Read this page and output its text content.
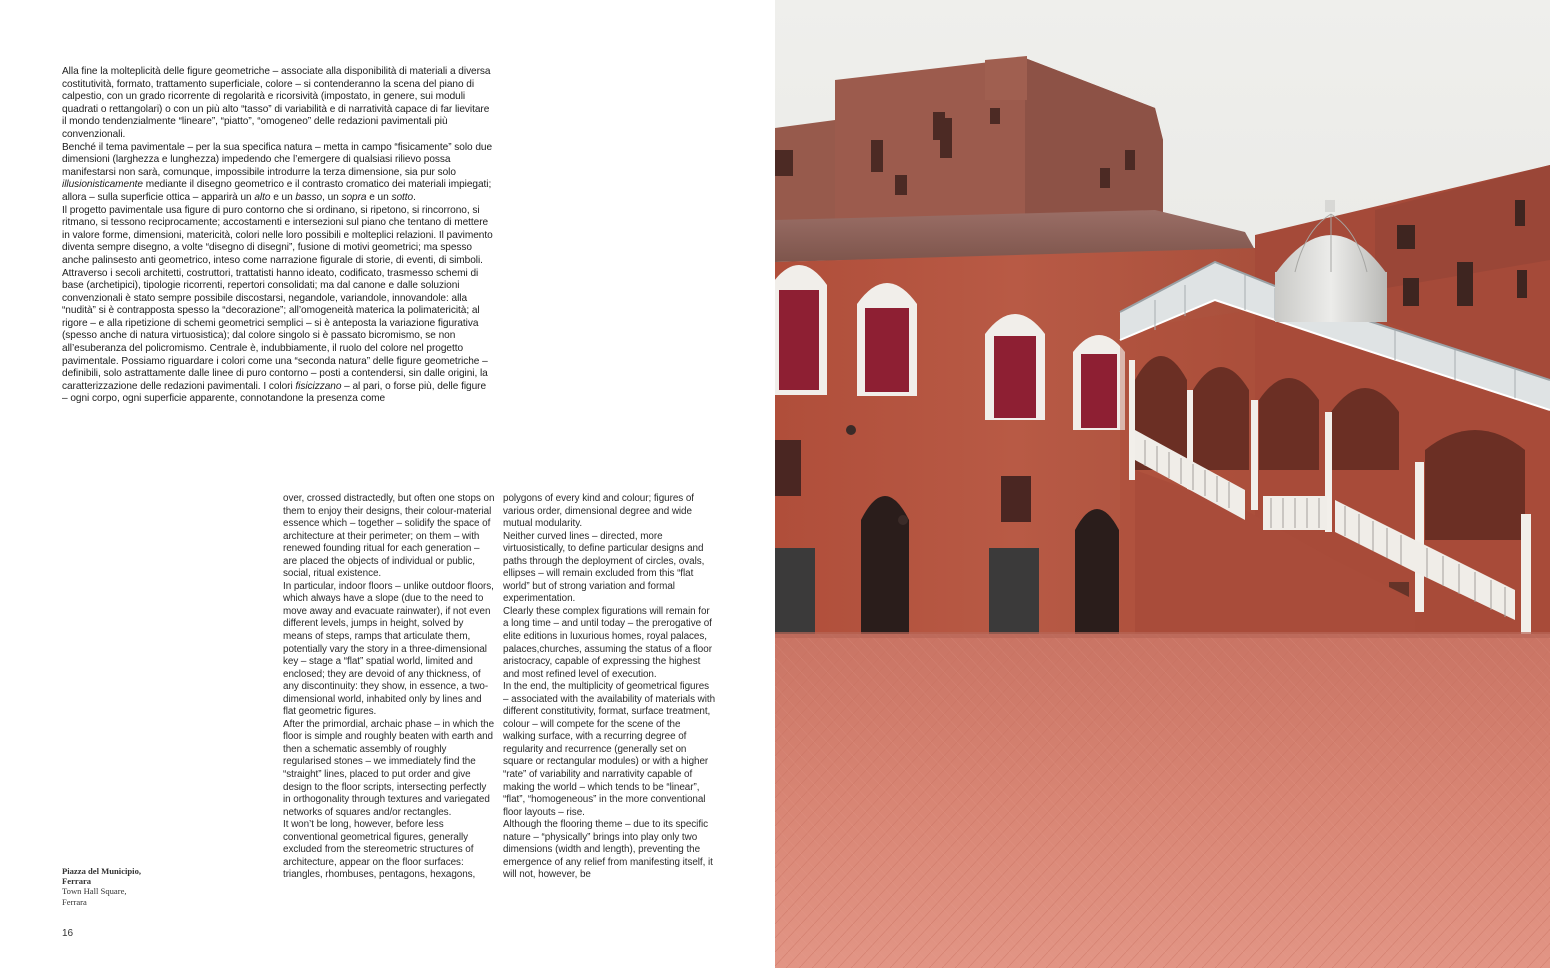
Alla fine la molteplicità delle figure geometriche – associate alla disponibilità di materiali a diversa costitutività, formato, trattamento superficiale, colore – si contenderanno la scena del piano di calpestio, con un grado ricorrente di regolarità e ricorsività (impostato, in genere, sui moduli quadrati o rettangolari) o con un più alto “tasso” di variabilità e di narratività capace di far lievitare il mondo tendenzialmente “lineare”, “piatto”, “omogeneo” delle redazioni pavimentali più convenzionali.

Benché il tema pavimentale – per la sua specifica natura – metta in campo “fisicamente” solo due dimensioni (larghezza e lunghezza) impedendo che l’emergere di qualsiasi rilievo possa manifestarsi non sarà, comunque, impossibile introdurre la terza dimensione, sia pur solo illusionisticamente mediante il disegno geometrico e il contrasto cromatico dei materiali impiegati; allora – sulla superficie ottica – apparirà un alto e un basso, un sopra e un sotto.

Il progetto pavimentale usa figure di puro contorno che si ordinano, si ripetono, si rincorrono, si ritmano, si tessono reciprocamente; accostamenti e intersezioni sul piano che tentano di mettere in valore forme, dimensioni, matericità, colori nelle loro possibili e molteplici relazioni. Il pavimento diventa sempre disegno, a volte “disegno di disegni”, fusione di motivi geometrici; ma spesso anche palinsesto anti geometrico, inteso come narrazione figurale di storie, di eventi, di simboli.

Attraverso i secoli architetti, costruttori, trattatisti hanno ideato, codificato, trasmesso schemi di base (archetipici), tipologie ricorrenti, repertori consolidati; ma dal canone e dalle soluzioni convenzionali è stato sempre possibile discostarsi, negandole, variandole, innovandole: alla “nudità” si è contrapposta spesso la “decorazione”; all’omogeneità materica la polimatericità; al rigore – e alla ripetizione di schemi geometrici semplici – si è anteposta la variazione figurativa (spesso anche di natura virtuosistica); dal colore singolo si è passato bicromismo, se non all’esuberanza del policromismo. Centrale è, indubbiamente, il ruolo del colore nel progetto pavimentale. Possiamo riguardare i colori come una “seconda natura” delle figure geometriche – definibili, solo astrattamente dalle linee di puro contorno – posti a contendersi, sin dalle origini, la caratterizzazione delle redazioni pavimentali. I colori fisicizzano – al pari, o forse più, delle figure – ogni corpo, ogni superficie apparente, connotandone la presenza come

over, crossed distractedly, but often one stops on them to enjoy their designs, their colour-material essence which – together – solidify the space of architecture at their perimeter; on them – with renewed founding ritual for each generation – are placed the objects of individual or public, social, ritual existence.

In particular, indoor floors – unlike outdoor floors, which always have a slope (due to the need to move away and evacuate rainwater), if not even different levels, jumps in height, solved by means of steps, ramps that articulate them, potentially vary the story in a three-dimensional key – stage a “flat” spatial world, limited and enclosed; they are devoid of any thickness, of any discontinuity: they show, in essence, a two-dimensional world, inhabited only by lines and flat geometric figures.

After the primordial, archaic phase – in which the floor is simple and roughly beaten with earth and then a schematic assembly of roughly regularised stones – we immediately find the “straight” lines, placed to put order and give design to the floor scripts, intersecting perfectly in orthogonality through textures and variegated networks of squares and/or rectangles.

It won’t be long, however, before less conventional geometrical figures, generally excluded from the stereometric structures of architecture, appear on the floor surfaces: triangles, rhombuses, pentagons, hexagons,

polygons of every kind and colour; figures of various order, dimensional degree and wide mutual modularity.

Neither curved lines – directed, more virtuosistically, to define particular designs and paths through the deployment of circles, ovals, ellipses – will remain excluded from this “flat world” but of strong variation and formal experimentation.

Clearly these complex figurations will remain for a long time – and until today – the prerogative of elite editions in luxurious homes, royal palaces, palaces,churches, assuming the status of a floor aristocracy, capable of expressing the highest and most refined level of execution.

In the end, the multiplicity of geometrical figures – associated with the availability of materials with different constitutivity, format, surface treatment, colour – will compete for the scene of the walking surface, with a recurring degree of regularity and recurrence (generally set on square or rectangular modules) or with a higher “rate” of variability and narrativity capable of making the world – which tends to be “linear”, “flat”, “homogeneous” in the more conventional floor layouts – rise.

Although the flooring theme – due to its specific nature – “physically” brings into play only two dimensions (width and length), preventing the emergence of any relief from manifesting itself, it will not, however, be

Piazza del Municipio,
Ferrara
Town Hall Square,
Ferrara
16
